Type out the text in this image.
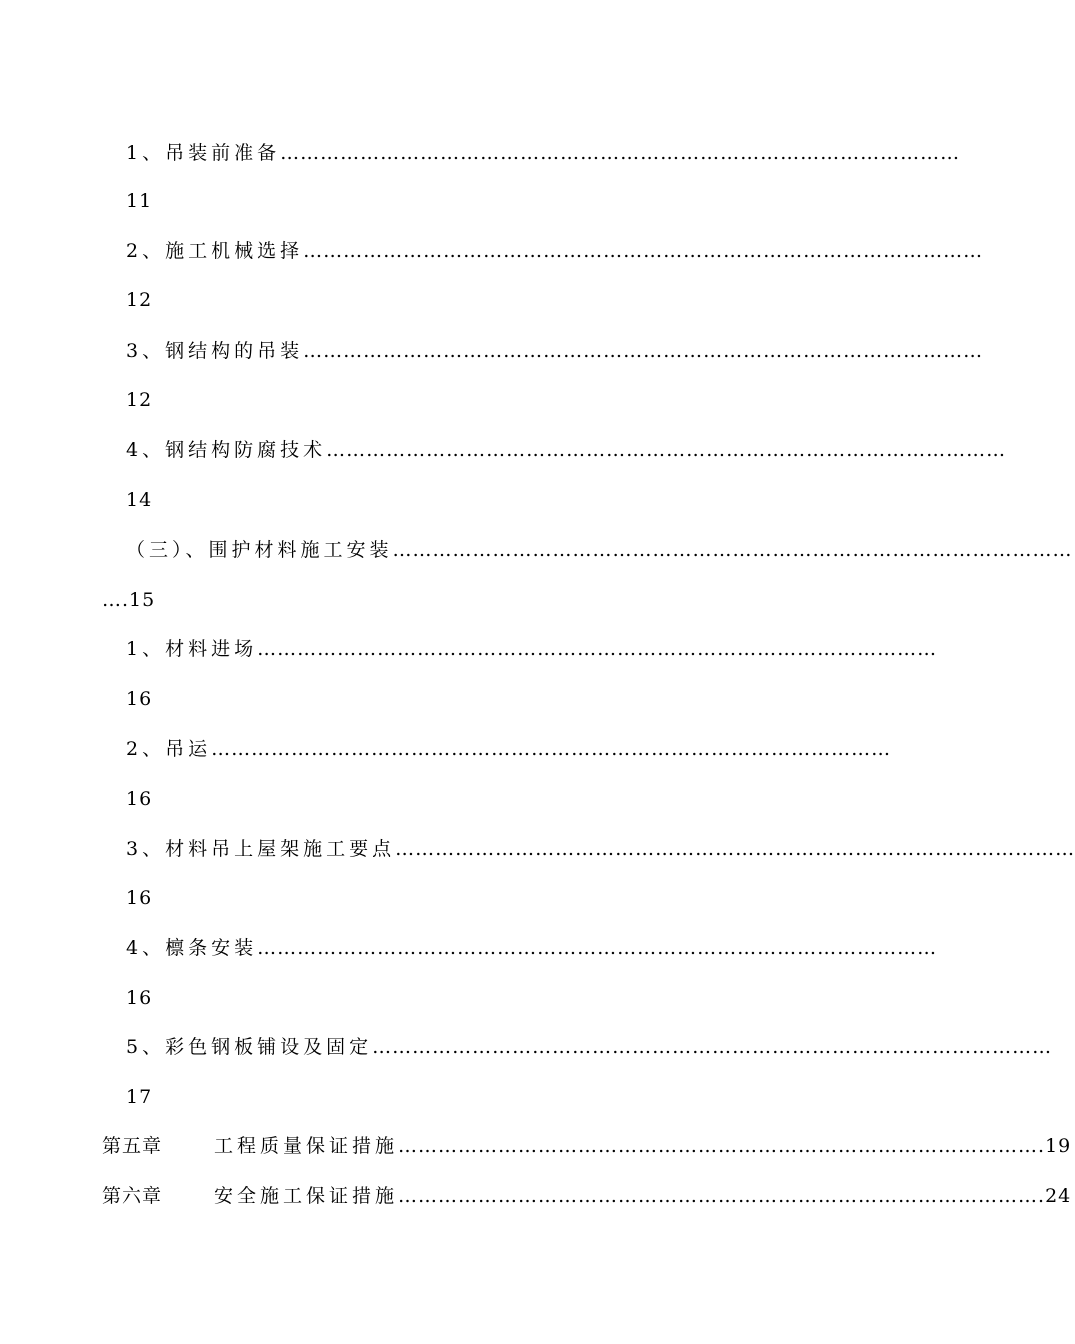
1、吊装前准备 …………………………………………………………………………………………
11
2、施工机械选择 …………………………………………………………………………………………
12
3、钢结构的吊装 …………………………………………………………………………………………
12
4、钢结构防腐技术 …………………………………………………………………………………………
14
（三）、围护材料施工安装 …………………………………………………………………………………………
….15
1、材料进场 …………………………………………………………………………………………
16
2、吊运 …………………………………………………………………………………………
16
3、材料吊上屋架施工要点 …………………………………………………………………………………………
16
4、檩条安装 …………………………………………………………………………………………
16
5、彩色钢板铺设及固定 …………………………………………………………………………………………
17
第五章	工程质量保证措施 ……………………………………………………………………………………. 19
第六章	安全施工保证措施 ……………………………………………………………………………………. 24
